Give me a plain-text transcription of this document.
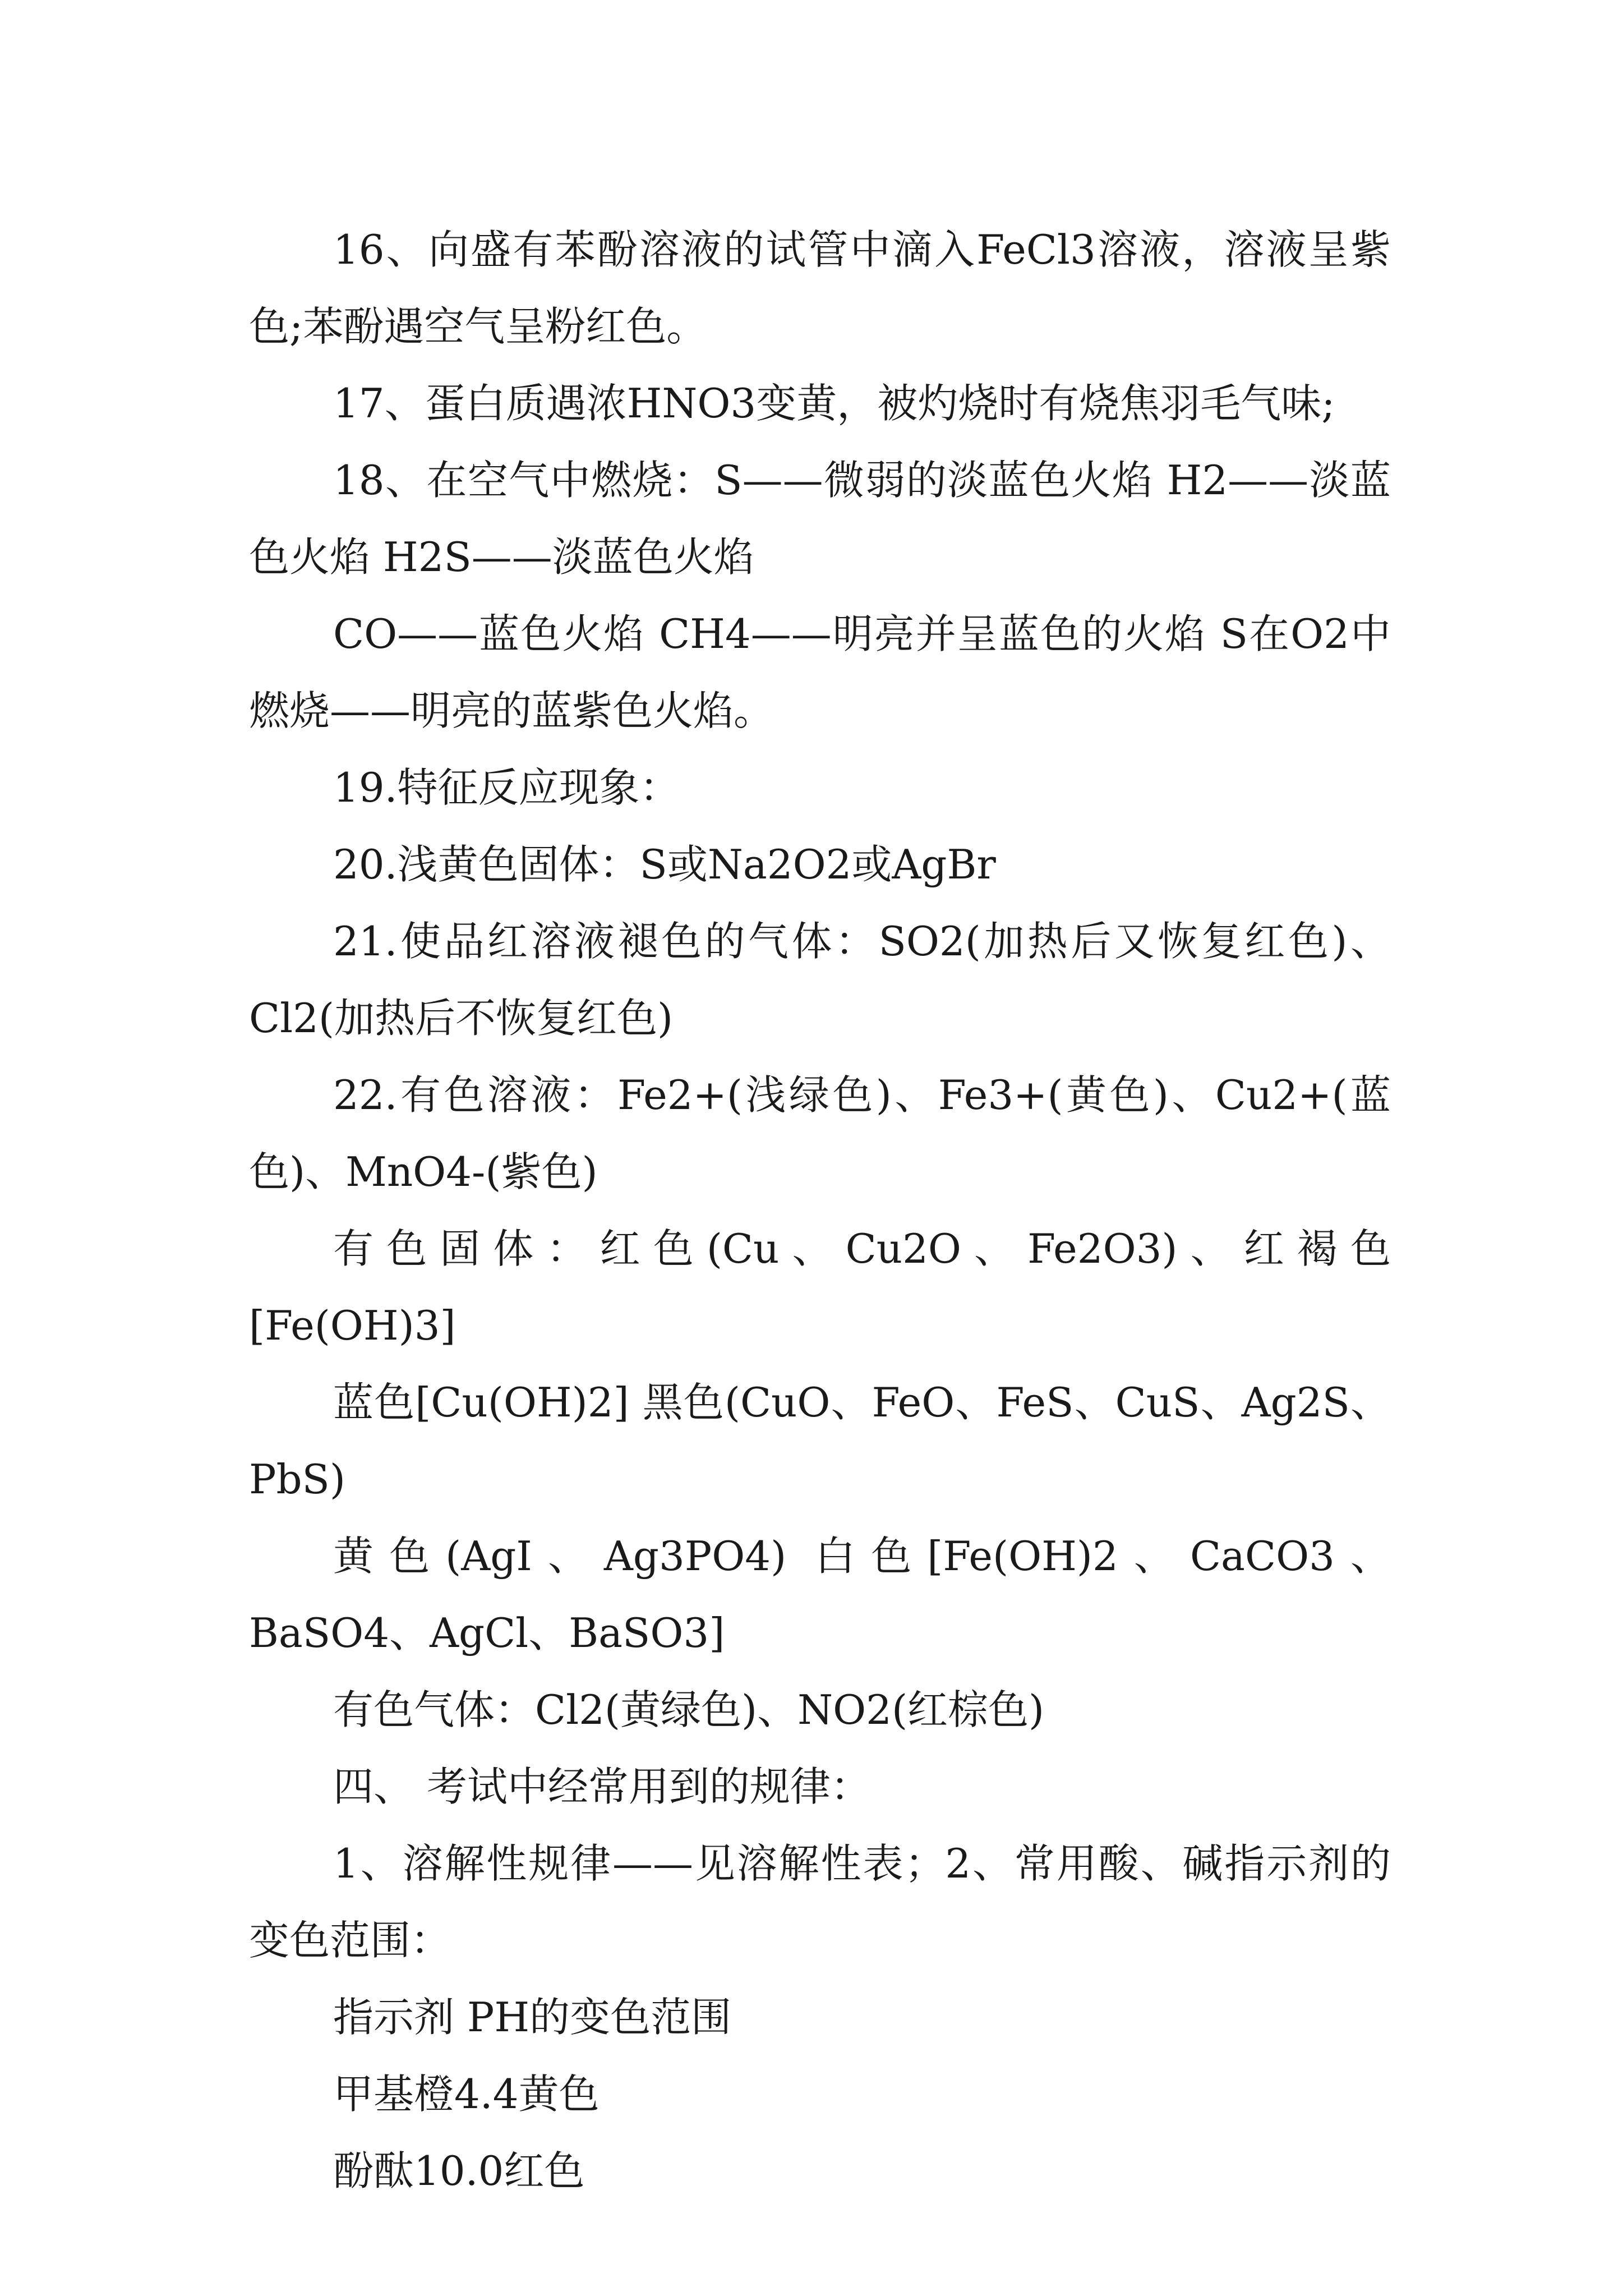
16、向盛有苯酚溶液的试管中滴入FeCl3溶液，溶液呈紫色;苯酚遇空气呈粉红色。

17、蛋白质遇浓HNO3变黄，被灼烧时有烧焦羽毛气味;

18、在空气中燃烧：S——微弱的淡蓝色火焰 H2——淡蓝色火焰 H2S——淡蓝色火焰

CO——蓝色火焰 CH4——明亮并呈蓝色的火焰 S在O2中燃烧——明亮的蓝紫色火焰。

19.特征反应现象：

20.浅黄色固体：S或Na2O2或AgBr

21.使品红溶液褪色的气体：SO2(加热后又恢复红色)、Cl2(加热后不恢复红色)

22.有色溶液：Fe2+(浅绿色)、Fe3+(黄色)、Cu2+(蓝色)、MnO4-(紫色)

有色固体：红色(Cu、Cu2O、Fe2O3)、红褐色[Fe(OH)3]

蓝色[Cu(OH)2] 黑色(CuO、FeO、FeS、CuS、Ag2S、PbS)

黄色(AgI、Ag3PO4) 白色[Fe(OH)2、CaCO3、BaSO4、AgCl、BaSO3]

有色气体：Cl2(黄绿色)、NO2(红棕色)

四、 考试中经常用到的规律：

1、溶解性规律——见溶解性表；2、常用酸、碱指示剂的变色范围：

指示剂 PH的变色范围

甲基橙4.4黄色

酚酞10.0红色
